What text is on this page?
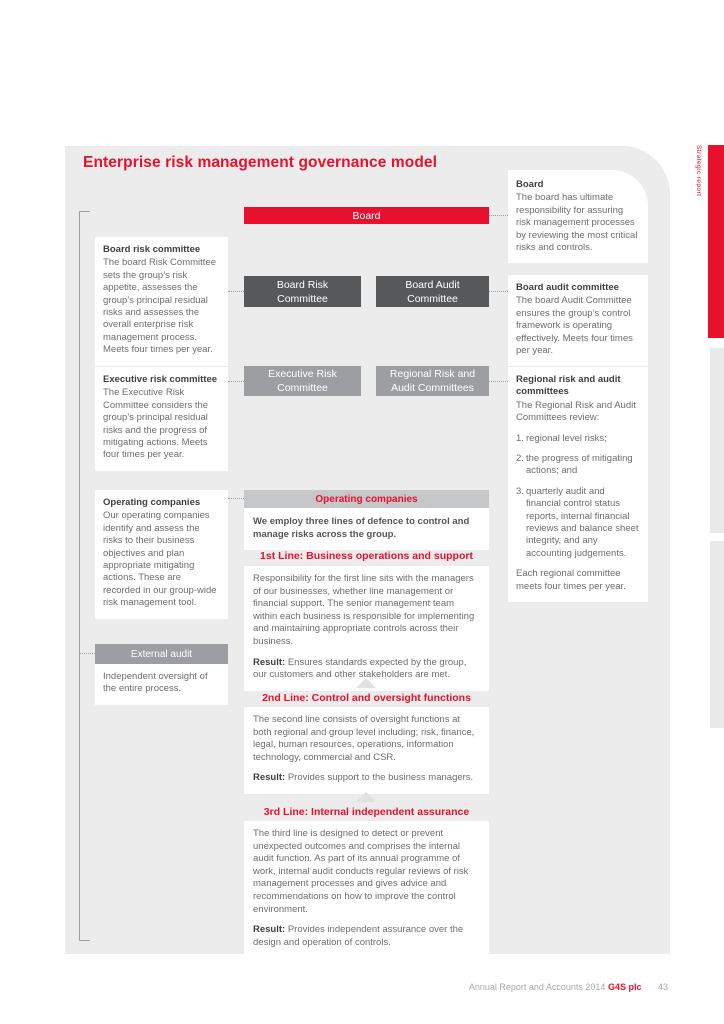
Enterprise risk management governance model
Board risk committee
The board Risk Committee sets the group’s risk appetite, assesses the group’s principal residual risks and assesses the overall enterprise risk management process. Meets four times per year.
Executive risk committee
The Executive Risk Committee considers the group’s principal residual risks and the progress of mitigating actions. Meets four times per year.
Operating companies
Our operating companies identify and assess the risks to their business objectives and plan appropriate mitigating actions. These are recorded in our group-wide risk management tool.
External audit
Independent oversight of the entire process.
Board
Board Risk Committee
Board Audit Committee
Executive Risk Committee
Regional Risk and Audit Committees
Operating companies
We employ three lines of defence to control and manage risks across the group.
1st Line: Business operations and support
Responsibility for the first line sits with the managers of our businesses, whether line management or financial support. The senior management team within each business is responsible for implementing and maintaining appropriate controls across their business.
Result: Ensures standards expected by the group, our customers and other stakeholders are met.
2nd Line: Control and oversight functions
The second line consists of oversight functions at both regional and group level including; risk, finance, legal, human resources, operations, information technology, commercial and CSR.
Result: Provides support to the business managers.
3rd Line: Internal independent assurance
The third line is designed to detect or prevent unexpected outcomes and comprises the internal audit function. As part of its annual programme of work, internal audit conducts regular reviews of risk management processes and gives advice and recommendations on how to improve the control environment.
Result: Provides independent assurance over the design and operation of controls.
Board
The board has ultimate responsibility for assuring risk management processes by reviewing the most critical risks and controls.
Board audit committee
The board Audit Committee ensures the group’s control framework is operating effectively. Meets four times per year.
Regional risk and audit committees
The Regional Risk and Audit Committees review:
1. regional level risks;
2. the progress of mitigating actions; and
3. quarterly audit and financial control status reports, internal financial reviews and balance sheet integrity, and any accounting judgements.
Each regional committee meets four times per year.
Strategic report
Annual Report and Accounts 2014 G4S plc 43
